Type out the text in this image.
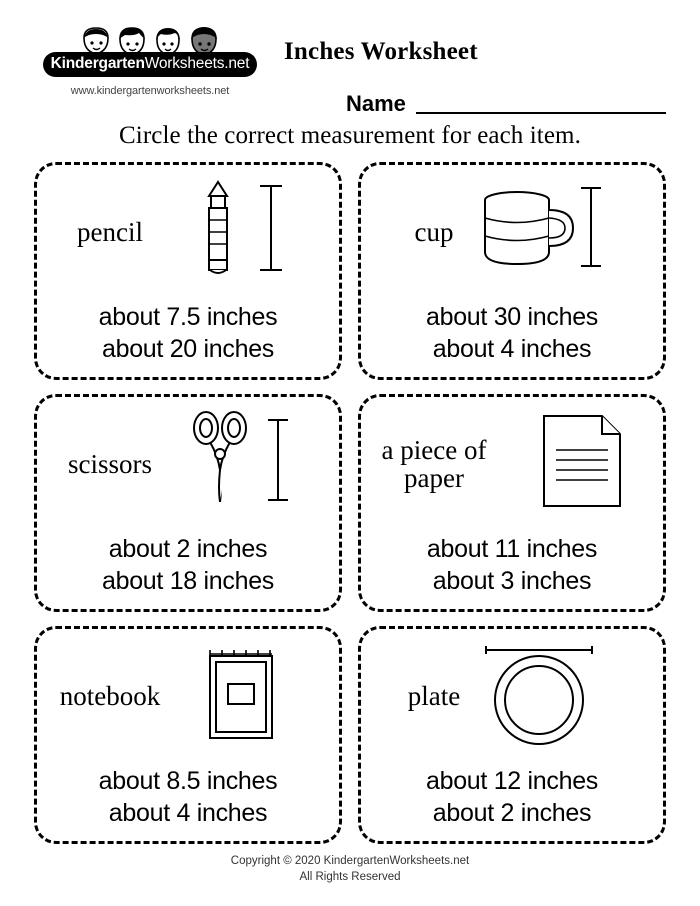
KindergartenWorksheets.net
www.kindergartenworksheets.net
Inches Worksheet
Name
Circle the correct measurement for each item.
pencil
about 7.5 inches
about 20 inches
cup
about 30 inches
about 4 inches
scissors
about 2 inches
about 18 inches
a piece of paper
about 11 inches
about 3 inches
notebook
about 8.5 inches
about 4 inches
plate
about 12 inches
about 2 inches
Copyright © 2020 KindergartenWorksheets.net
All Rights Reserved
